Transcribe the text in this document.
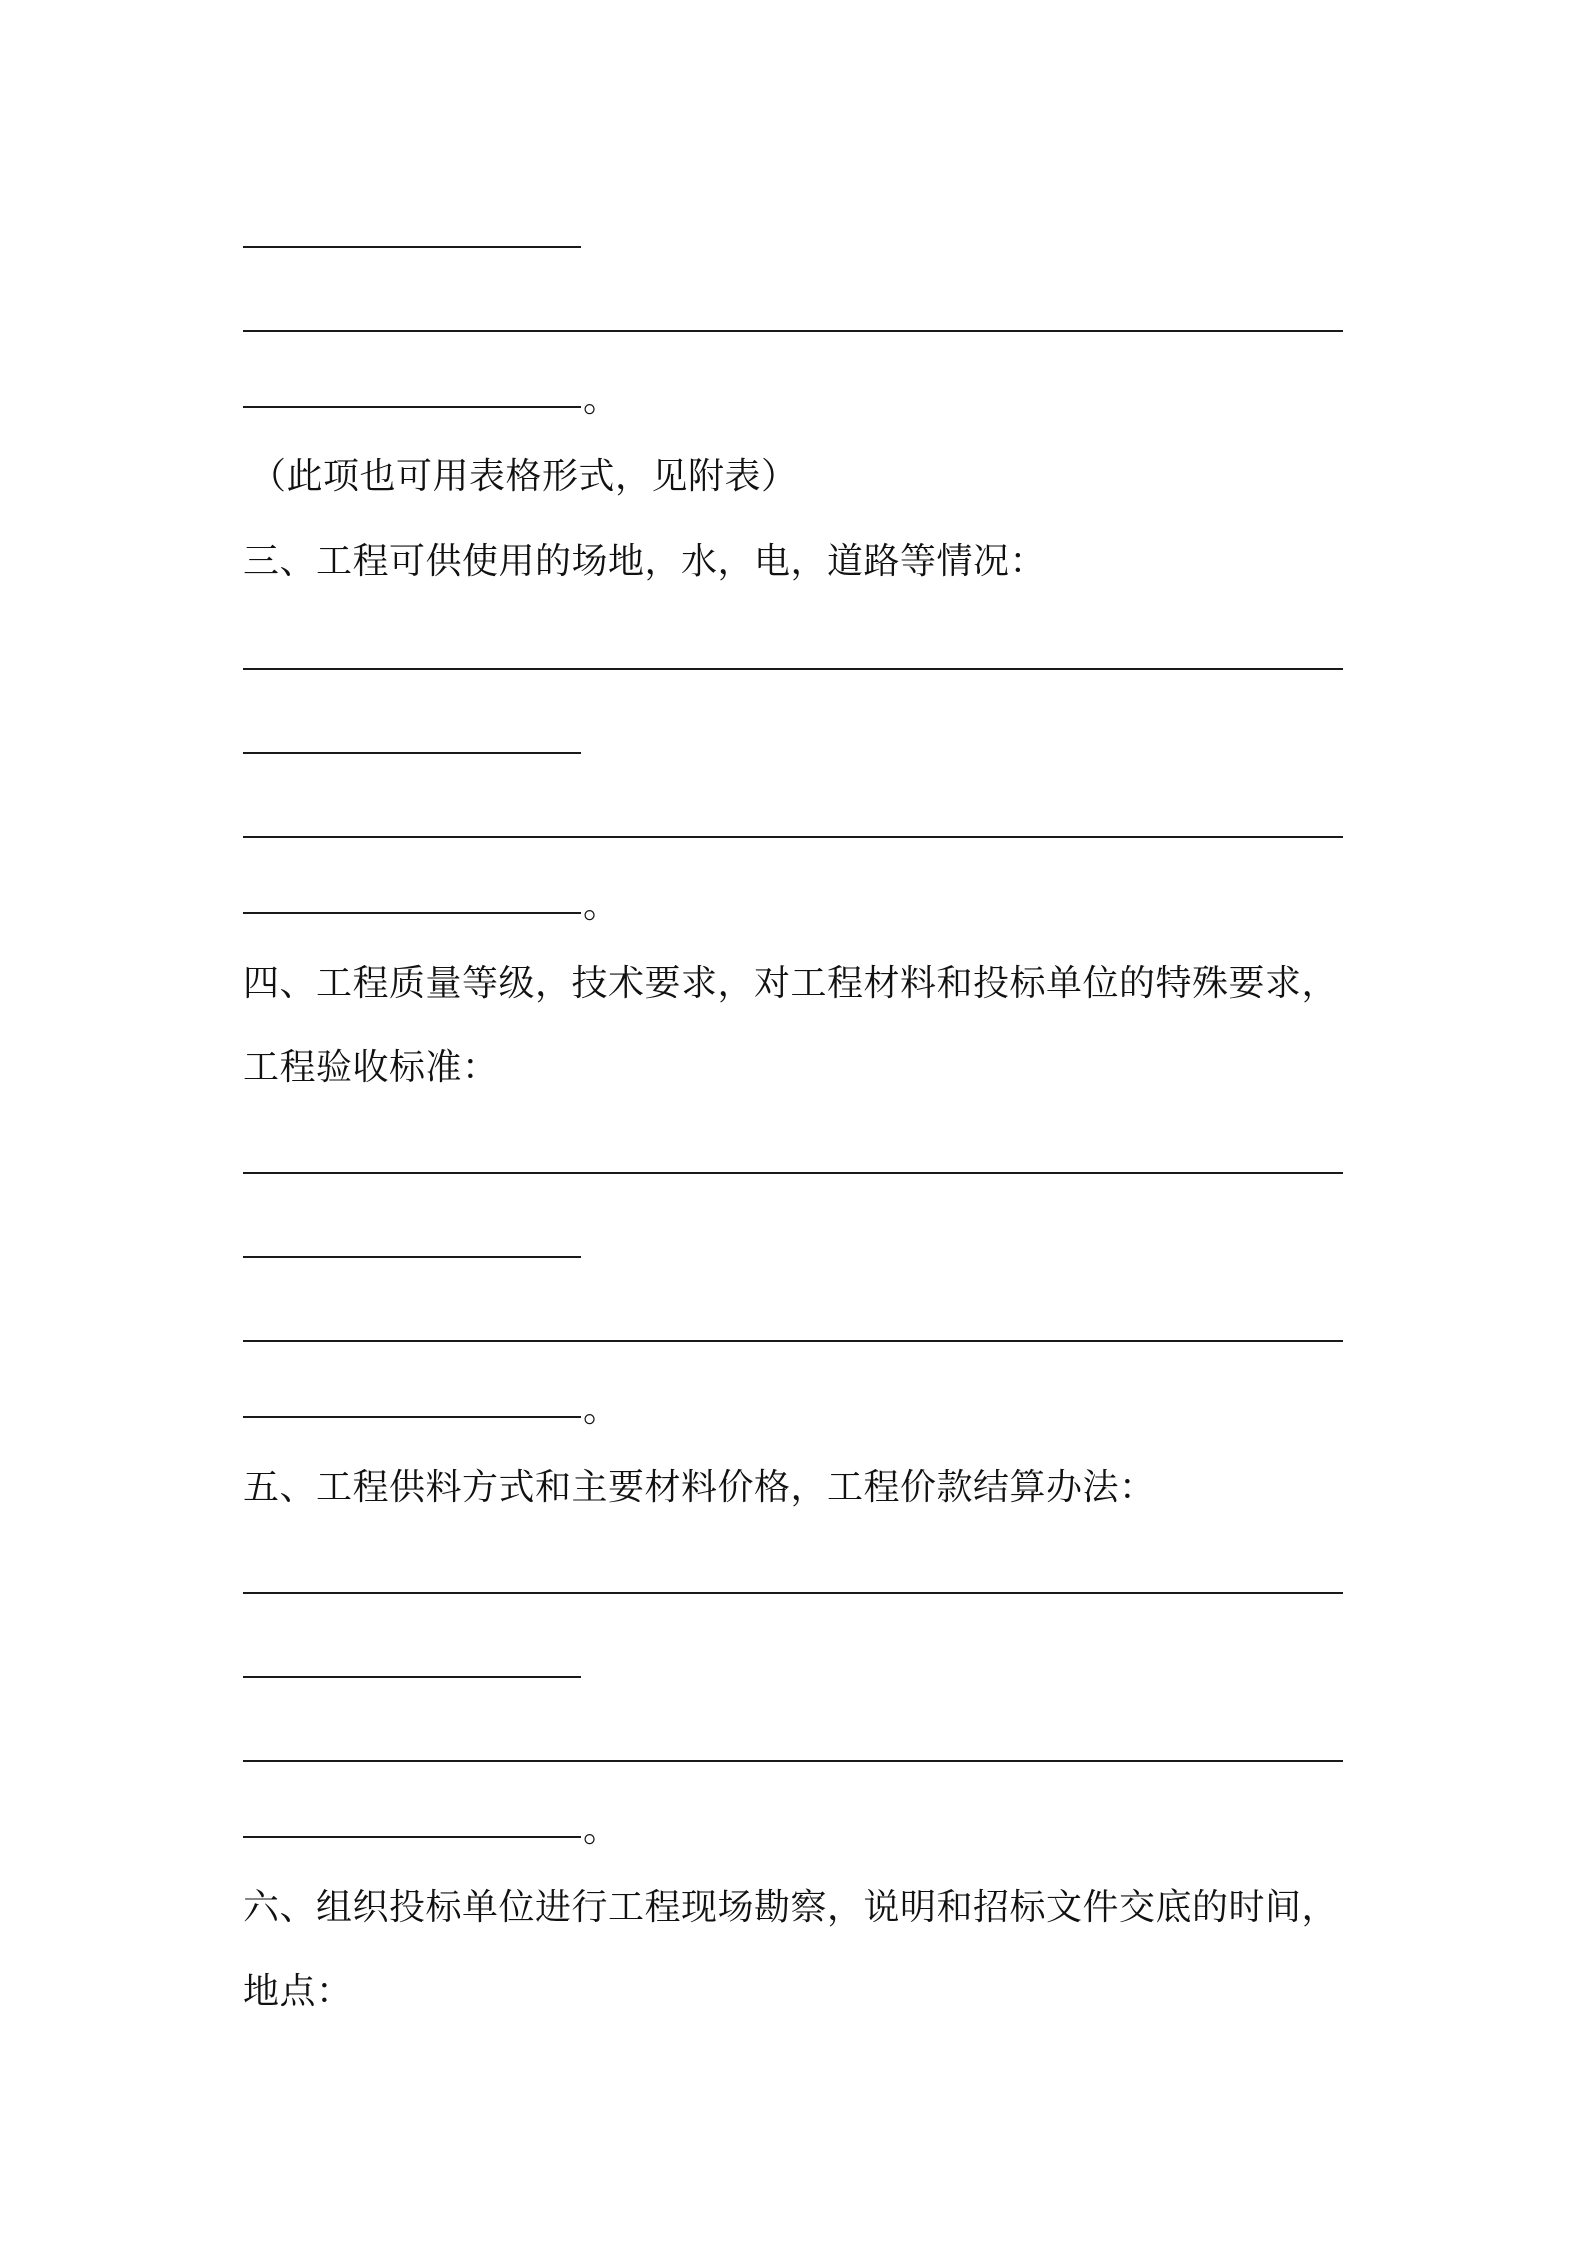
。
（此项也可用表格形式，见附表）
三、工程可供使用的场地，水，电，道路等情况：
。
四、工程质量等级，技术要求，对工程材料和投标单位的特殊要求，
工程验收标准：
。
五、工程供料方式和主要材料价格，工程价款结算办法：
。
六、组织投标单位进行工程现场勘察，说明和招标文件交底的时间，
地点：
